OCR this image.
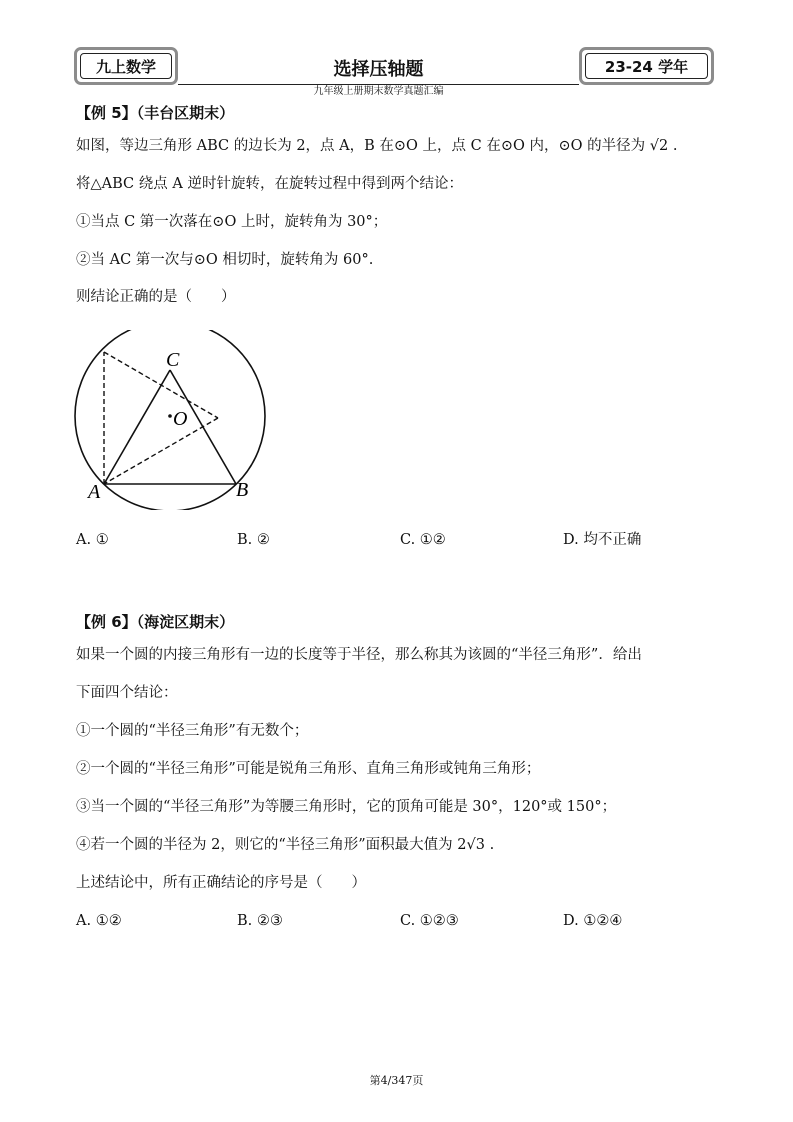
九上数学	选择压轴题
九年级上册期末数学真题汇编
23-24 学年
【例 5】（丰台区期末）
如图，等边三角形 ABC 的边长为 2，点 A，B 在⊙O 上，点 C 在⊙O 内，⊙O 的半径为 √2 .
将△ABC 绕点 A 逆时针旋转，在旋转过程中得到两个结论：
①当点 C 第一次落在⊙O 上时，旋转角为 30°；
②当 AC 第一次与⊙O 相切时，旋转角为 60°.
则结论正确的是（　　）
C
O
A	B
A. ①	B. ②	C. ①②	D. 均不正确
【例 6】（海淀区期末）
如果一个圆的内接三角形有一边的长度等于半径，那么称其为该圆的“半径三角形”．给出
下面四个结论：
①一个圆的“半径三角形”有无数个；
②一个圆的“半径三角形”可能是锐角三角形、直角三角形或钝角三角形；
③当一个圆的“半径三角形”为等腰三角形时，它的顶角可能是 30°，120°或 150°；
④若一个圆的半径为 2，则它的“半径三角形”面积最大值为 2√3 .
上述结论中，所有正确结论的序号是（　　）
A. ①②	B. ②③	C. ①②③	D. ①②④
第4/347页
